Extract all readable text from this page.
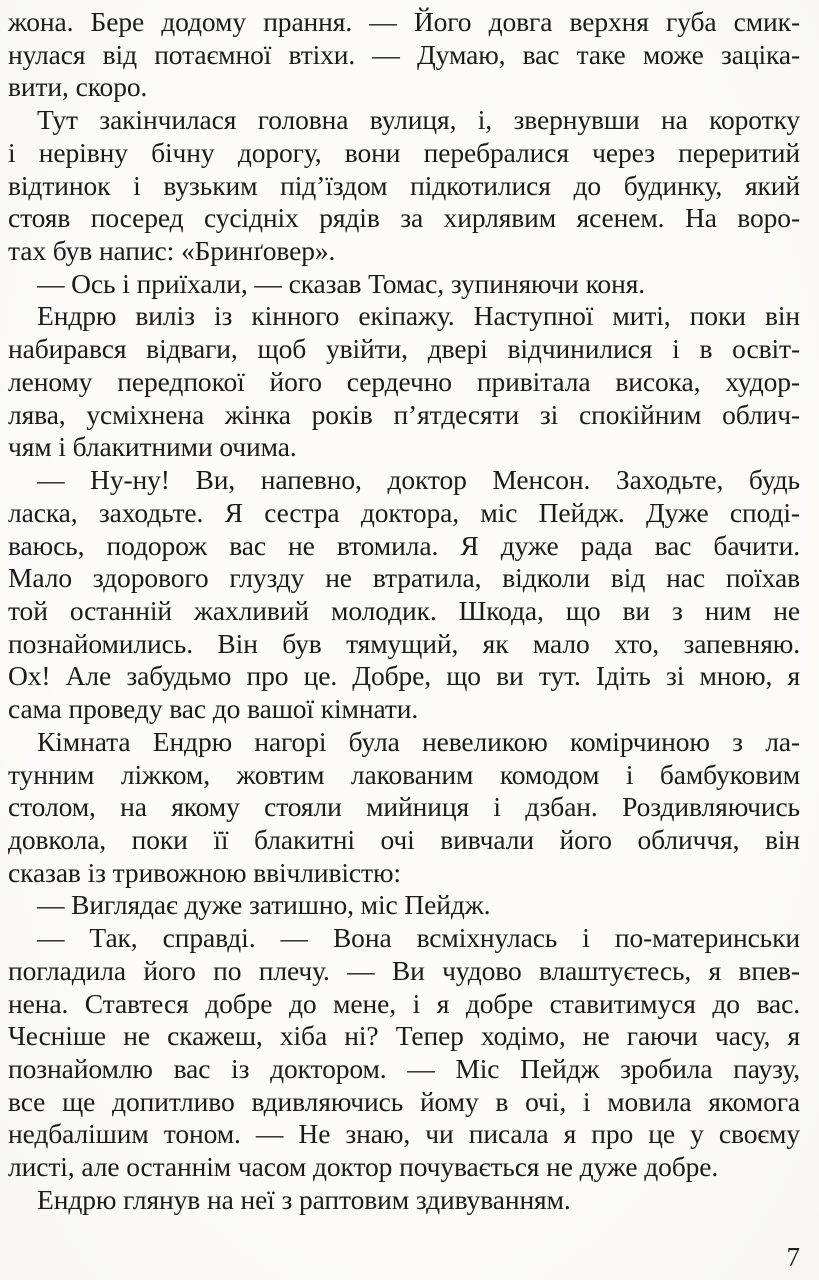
жона. Бере додому прання. — Його довга верхня губа смик-
нулася від потаємної втіхи. — Думаю, вас таке може заціка-
вити, скоро.
Тут закінчилася головна вулиця, і, звернувши на коротку
і нерівну бічну дорогу, вони перебралися через переритий
відтинок і вузьким під’їздом підкотилися до будинку, який
стояв посеред сусідніх рядів за хирлявим ясенем. На воро-
тах був напис: «Бринґовер».
— Ось і приїхали, — сказав Томас, зупиняючи коня.
Ендрю виліз із кінного екіпажу. Наступної миті, поки він
набирався відваги, щоб увійти, двері відчинилися і в освіт-
леному передпокої його сердечно привітала висока, худор-
лява, усміхнена жінка років п’ятдесяти зі спокійним облич-
чям і блакитними очима.
— Ну-ну! Ви, напевно, доктор Менсон. Заходьте, будь
ласка, заходьте. Я сестра доктора, міс Пейдж. Дуже споді-
ваюсь, подорож вас не втомила. Я дуже рада вас бачити.
Мало здорового глузду не втратила, відколи від нас поїхав
той останній жахливий молодик. Шкода, що ви з ним не
познайомились. Він був тямущий, як мало хто, запевняю.
Ох! Але забудьмо про це. Добре, що ви тут. Ідіть зі мною, я
сама проведу вас до вашої кімнати.
Кімната Ендрю нагорі була невеликою комірчиною з ла-
тунним ліжком, жовтим лакованим комодом і бамбуковим
столом, на якому стояли мийниця і дзбан. Роздивляючись
довкола, поки її блакитні очі вивчали його обличчя, він
сказав із тривожною ввічливістю:
— Виглядає дуже затишно, міс Пейдж.
— Так, справді. — Вона всміхнулась і по-материнськи
погладила його по плечу. — Ви чудово влаштуєтесь, я впев-
нена. Ставтеся добре до мене, і я добре ставитимуся до вас.
Чесніше не скажеш, хіба ні? Тепер ходімо, не гаючи часу, я
познайомлю вас із доктором. — Міс Пейдж зробила паузу,
все ще допитливо вдивляючись йому в очі, і мовила якомога
недбалішим тоном. — Не знаю, чи писала я про це у своєму
листі, але останнім часом доктор почувається не дуже добре.
Ендрю глянув на неї з раптовим здивуванням.
7
